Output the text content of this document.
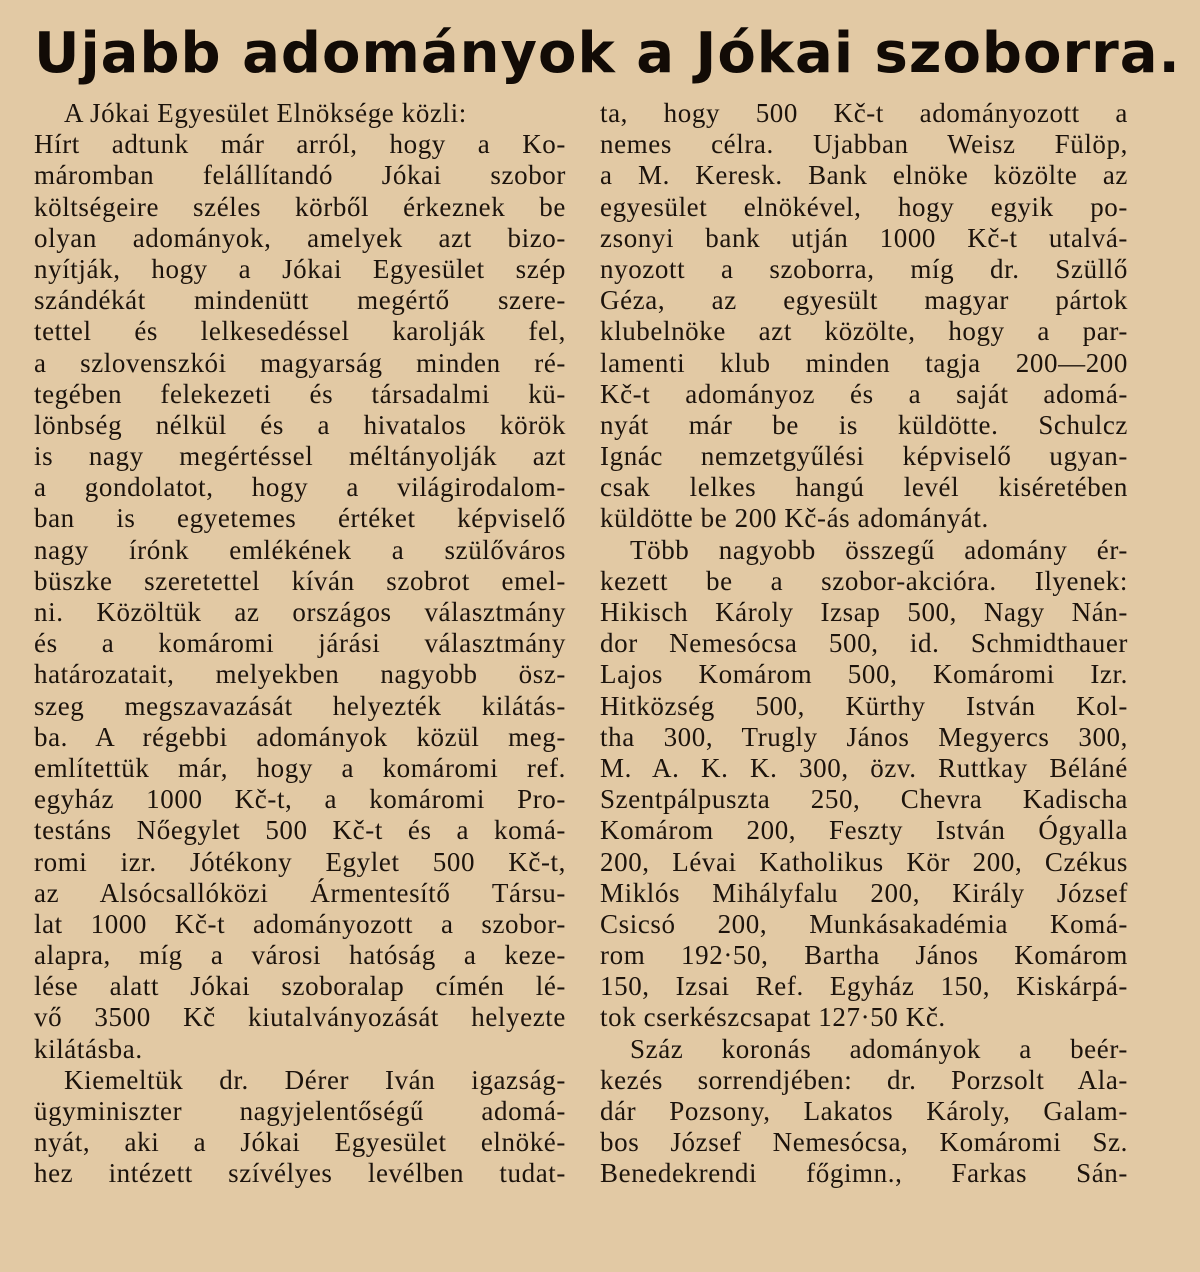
Ujabb adományok a Jókai szoborra.
A Jókai Egyesület Elnöksége közli:
Hírt adtunk már arról, hogy a Ko-
máromban felállítandó Jókai szobor
költségeire széles körből érkeznek be
olyan adományok, amelyek azt bizo-
nyítják, hogy a Jókai Egyesület szép
szándékát mindenütt megértő szere-
tettel és lelkesedéssel karolják fel,
a szlovenszkói magyarság minden ré-
tegében felekezeti és társadalmi kü-
lönbség nélkül és a hivatalos körök
is nagy megértéssel méltányolják azt
a gondolatot, hogy a világirodalom-
ban is egyetemes értéket képviselő
nagy írónk emlékének a szülőváros
büszke szeretettel kíván szobrot emel-
ni. Közöltük az országos választmány
és a komáromi járási választmány
határozatait, melyekben nagyobb ösz-
szeg megszavazását helyezték kilátás-
ba. A régebbi adományok közül meg-
említettük már, hogy a komáromi ref.
egyház 1000 Kč-t, a komáromi Pro-
testáns Nőegylet 500 Kč-t és a komá-
romi izr. Jótékony Egylet 500 Kč-t,
az Alsócsallóközi Ármentesítő Társu-
lat 1000 Kč-t adományozott a szobor-
alapra, míg a városi hatóság a keze-
lése alatt Jókai szoboralap címén lé-
vő 3500 Kč kiutalványozását helyezte
kilátásba.
Kiemeltük dr. Dérer Iván igazság-
ügyminiszter nagyjelentőségű adomá-
nyát, aki a Jókai Egyesület elnöké-
hez intézett szívélyes levélben tudat-
ta, hogy 500 Kč-t adományozott a
nemes célra. Ujabban Weisz Fülöp,
a M. Keresk. Bank elnöke közölte az
egyesület elnökével, hogy egyik po-
zsonyi bank utján 1000 Kč-t utalvá-
nyozott a szoborra, míg dr. Szüllő
Géza, az egyesült magyar pártok
klubelnöke azt közölte, hogy a par-
lamenti klub minden tagja 200—200
Kč-t adományoz és a saját adomá-
nyát már be is küldötte. Schulcz
Ignác nemzetgyűlési képviselő ugyan-
csak lelkes hangú levél kiséretében
küldötte be 200 Kč-ás adományát.
Több nagyobb összegű adomány ér-
kezett be a szobor-akcióra. Ilyenek:
Hikisch Károly Izsap 500, Nagy Nán-
dor Nemesócsa 500, id. Schmidthauer
Lajos Komárom 500, Komáromi Izr.
Hitközség 500, Kürthy István Kol-
tha 300, Trugly János Megyercs 300,
M. A. K. K. 300, özv. Ruttkay Béláné
Szentpálpuszta 250, Chevra Kadischa
Komárom 200, Feszty István Ógyalla
200, Lévai Katholikus Kör 200, Czékus
Miklós Mihályfalu 200, Király József
Csicsó 200, Munkásakadémia Komá-
rom 192·50, Bartha János Komárom
150, Izsai Ref. Egyház 150, Kiskárpá-
tok cserkészcsapat 127·50 Kč.
Száz koronás adományok a beér-
kezés sorrendjében: dr. Porzsolt Ala-
dár Pozsony, Lakatos Károly, Galam-
bos József Nemesócsa, Komáromi Sz.
Benedekrendi főgimn., Farkas Sán-
